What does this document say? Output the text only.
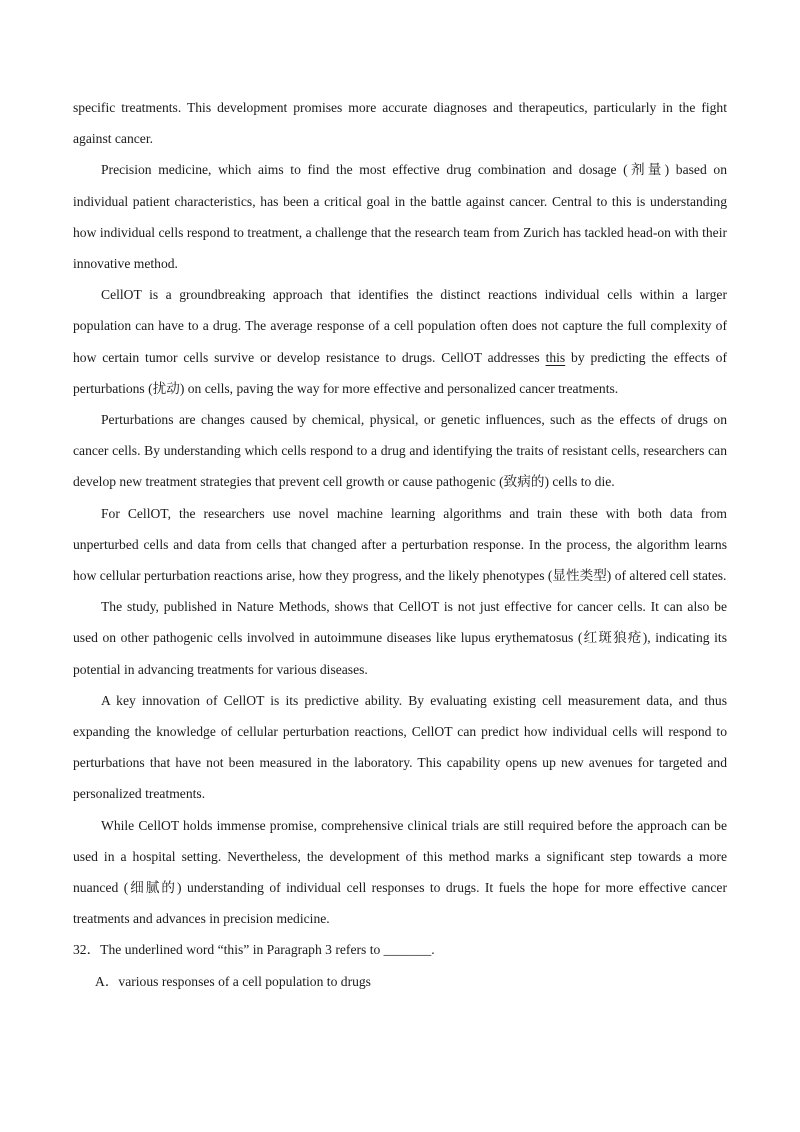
specific treatments. This development promises more accurate diagnoses and therapeutics, particularly in the fight against cancer.

Precision medicine, which aims to find the most effective drug combination and dosage (剂量) based on individual patient characteristics, has been a critical goal in the battle against cancer. Central to this is understanding how individual cells respond to treatment, a challenge that the research team from Zurich has tackled head-on with their innovative method.

CellOT is a groundbreaking approach that identifies the distinct reactions individual cells within a larger population can have to a drug. The average response of a cell population often does not capture the full complexity of how certain tumor cells survive or develop resistance to drugs. CellOT addresses this by predicting the effects of perturbations (扰动) on cells, paving the way for more effective and personalized cancer treatments.

Perturbations are changes caused by chemical, physical, or genetic influences, such as the effects of drugs on cancer cells. By understanding which cells respond to a drug and identifying the traits of resistant cells, researchers can develop new treatment strategies that prevent cell growth or cause pathogenic (致病的) cells to die.

For CellOT, the researchers use novel machine learning algorithms and train these with both data from unperturbed cells and data from cells that changed after a perturbation response. In the process, the algorithm learns how cellular perturbation reactions arise, how they progress, and the likely phenotypes (显性类型) of altered cell states.

The study, published in Nature Methods, shows that CellOT is not just effective for cancer cells. It can also be used on other pathogenic cells involved in autoimmune diseases like lupus erythematosus (红斑狼疮), indicating its potential in advancing treatments for various diseases.

A key innovation of CellOT is its predictive ability. By evaluating existing cell measurement data, and thus expanding the knowledge of cellular perturbation reactions, CellOT can predict how individual cells will respond to perturbations that have not been measured in the laboratory. This capability opens up new avenues for targeted and personalized treatments.

While CellOT holds immense promise, comprehensive clinical trials are still required before the approach can be used in a hospital setting. Nevertheless, the development of this method marks a significant step towards a more nuanced (细腻的) understanding of individual cell responses to drugs. It fuels the hope for more effective cancer treatments and advances in precision medicine.

32．The underlined word “this” in Paragraph 3 refers to _______.

A．various responses of a cell population to drugs
